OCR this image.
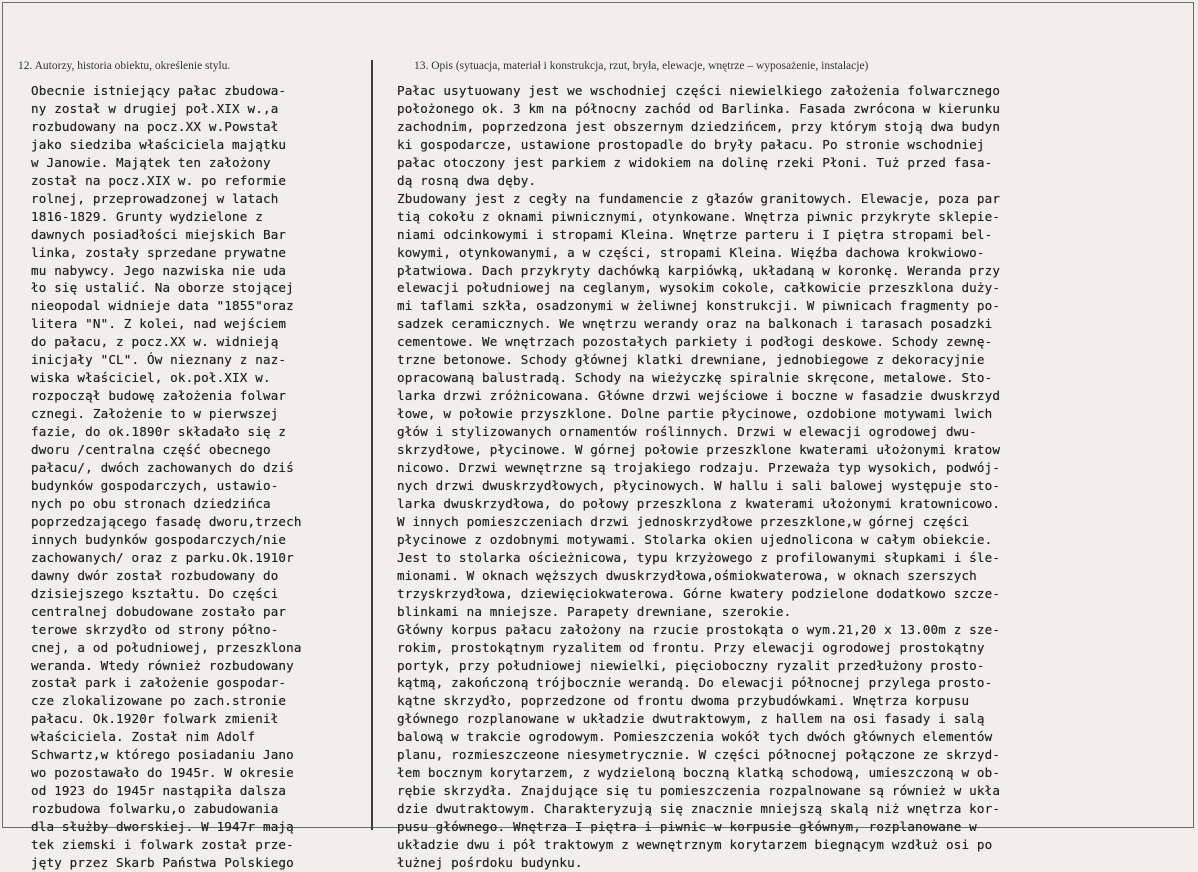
12. Autorzy, historia obiektu, określenie stylu.	13. Opis (sytuacja, materiał i konstrukcja, rzut, bryła, elewacje, wnętrze – wyposażenie, instalacje)
Obecnie istniejący pałac zbudowa-
ny został w drugiej poł.XIX w.,a
rozbudowany na pocz.XX w.Powstał
jako siedziba właściciela majątku
w Janowie. Majątek ten założony
został na pocz.XIX w. po reformie
rolnej, przeprowadzonej w latach
1816-1829. Grunty wydzielone z
dawnych posiadłości miejskich Bar
linka, zostały sprzedane prywatne
mu nabywcy. Jego nazwiska nie uda
ło się ustalić. Na oborze stojącej
nieopodal widnieje data "1855"oraz
litera "N". Z kolei, nad wejściem
do pałacu, z pocz.XX w. widnieją
inicjały "CL". Ów nieznany z naz-
wiska właściciel, ok.poł.XIX w.
rozpoczął budowę założenia folwar
cznegi. Założenie to w pierwszej
fazie, do ok.1890r składało się z
dworu /centralna część obecnego
pałacu/, dwóch zachowanych do dziś
budynków gospodarczych, ustawio-
nych po obu stronach dziedzińca
poprzedzającego fasadę dworu,trzech
innych budynków gospodarczych/nie
zachowanych/ oraz z parku.Ok.1910r
dawny dwór został rozbudowany do
dzisiejszego kształtu. Do części
centralnej dobudowane zostało par
terowe skrzydło od strony półno-
cnej, a od południowej, przeszklona
weranda. Wtedy również rozbudowany
został park i założenie gospodar-
cze zlokalizowane po zach.stronie
pałacu. Ok.1920r folwark zmienił
właściciela. Został nim Adolf
Schwartz,w którego posiadaniu Jano
wo pozostawało do 1945r. W okresie
od 1923 do 1945r nastąpiła dalsza
rozbudowa folwarku,o zabudowania
dla służby dworskiej. W 1947r mają
tek ziemski i folwark został prze-
jęty przez Skarb Państwa Polskiego
Pałac usytuowany jest we wschodniej części niewielkiego założenia folwarcznego
położonego ok. 3 km na północny zachód od Barlinka. Fasada zwrócona w kierunku
zachodnim, poprzedzona jest obszernym dziedzińcem, przy którym stoją dwa budyn
ki gospodarcze, ustawione prostopadle do bryły pałacu. Po stronie wschodniej
pałac otoczony jest parkiem z widokiem na dolinę rzeki Płoni. Tuż przed fasa-
dą rosną dwa dęby.
Zbudowany jest z cegły na fundamencie z głazów granitowych. Elewacje, poza par
tią cokołu z oknami piwnicznymi, otynkowane. Wnętrza piwnic przykryte sklepie-
niami odcinkowymi i stropami Kleina. Wnętrze parteru i I piętra stropami bel-
kowymi, otynkowanymi, a w części, stropami Kleina. Więźba dachowa krokwiowo-
płatwiowa. Dach przykryty dachówką karpiówką, układaną w koronkę. Weranda przy
elewacji południowej na ceglanym, wysokim cokole, całkowicie przeszklona duży-
mi taflami szkła, osadzonymi w żeliwnej konstrukcji. W piwnicach fragmenty po-
sadzek ceramicznych. We wnętrzu werandy oraz na balkonach i tarasach posadzki
cementowe. We wnętrzach pozostałych parkiety i podłogi deskowe. Schody zewnę-
trzne betonowe. Schody głównej klatki drewniane, jednobiegowe z dekoracyjnie
opracowaną balustradą. Schody na wieżyczkę spiralnie skręcone, metalowe. Sto-
larka drzwi zróżnicowana. Główne drzwi wejściowe i boczne w fasadzie dwuskrzyd
łowe, w połowie przyszklone. Dolne partie płycinowe, ozdobione motywami lwich
głów i stylizowanych ornamentów roślinnych. Drzwi w elewacji ogrodowej dwu-
skrzydłowe, płycinowe. W górnej połowie przeszklone kwaterami ułożonymi kratow
nicowo. Drzwi wewnętrzne są trojakiego rodzaju. Przeważa typ wysokich, podwój-
nych drzwi dwuskrzydłowych, płycinowych. W hallu i sali balowej występuje sto-
larka dwuskrzydłowa, do połowy przeszklona z kwaterami ułożonymi kratownicowo.
W innych pomieszczeniach drzwi jednoskrzydłowe przeszklone,w górnej części
płycinowe z ozdobnymi motywami. Stolarka okien ujednolicona w całym obiekcie.
Jest to stolarka ościeżnicowa, typu krzyżowego z profilowanymi słupkami i śle-
mionami. W oknach węższych dwuskrzydłowa,ośmiokwaterowa, w oknach szerszych
trzyskrzydłowa, dziewięciokwaterowa. Górne kwatery podzielone dodatkowo szcze-
blinkami na mniejsze. Parapety drewniane, szerokie.
Główny korpus pałacu założony na rzucie prostokąta o wym.21,20 x 13.00m z sze-
rokim, prostokątnym ryzalitem od frontu. Przy elewacji ogrodowej prostokątny
portyk, przy południowej niewielki, pięcioboczny ryzalit przedłużony prosto-
kątmą, zakończoną trójbocznie werandą. Do elewacji północnej przylega prosto-
kątne skrzydło, poprzedzone od frontu dwoma przybudówkami. Wnętrza korpusu
głównego rozplanowane w układzie dwutraktowym, z hallem na osi fasady i salą
balową w trakcie ogrodowym. Pomieszczenia wokół tych dwóch głównych elementów
planu, rozmieszczeone niesymetrycznie. W części północnej połączone ze skrzyd-
łem bocznym korytarzem, z wydzieloną boczną klatką schodową, umieszczoną w ob-
rębie skrzydła. Znajdujące się tu pomieszczenia rozpalnowane są również w ukła
dzie dwutraktowym. Charakteryzują się znacznie mniejszą skalą niż wnętrza kor-
pusu głównego. Wnętrza I piętra i piwnic w korpusie głównym, rozplanowane w
układzie dwu i pół traktowym z wewnętrznym korytarzem biegnącym wzdłuż osi po
łużnej pośrdoku budynku.
